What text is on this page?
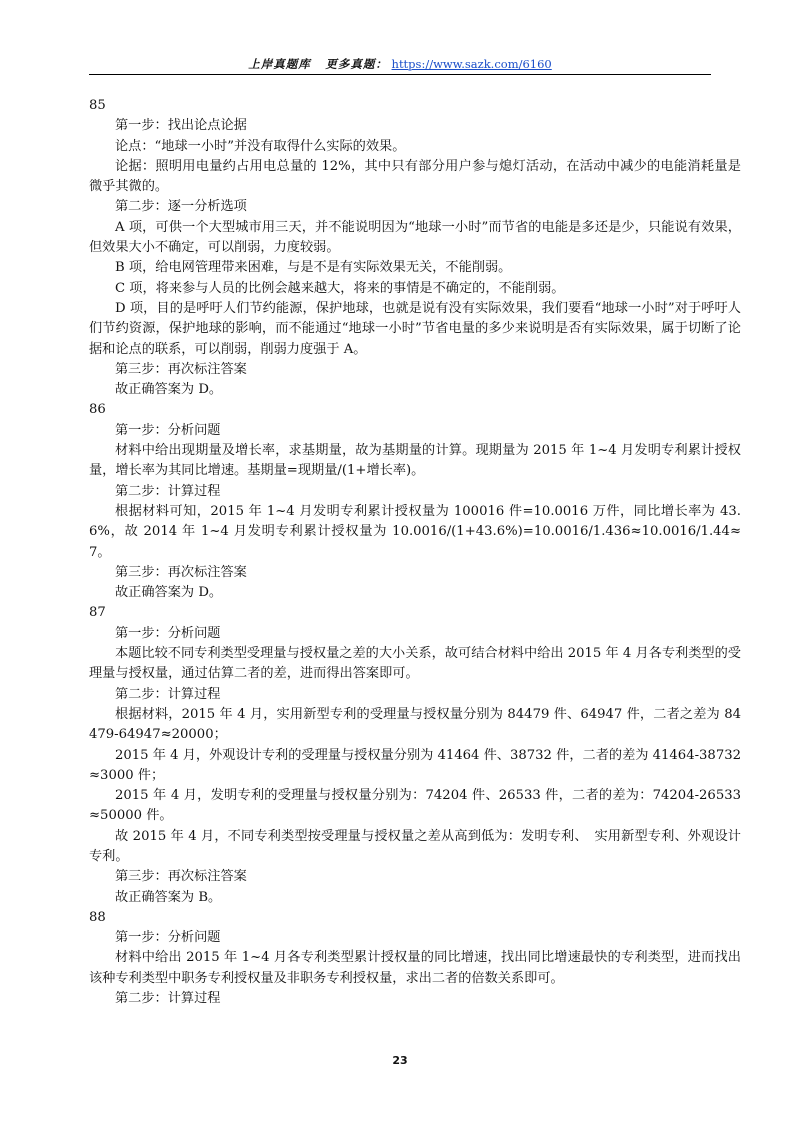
上岸真题库 更多真题： https://www.sazk.com/6160
85
第一步：找出论点论据
论点：“地球一小时”并没有取得什么实际的效果。
论据：照明用电量约占用电总量的 12%，其中只有部分用户参与熄灯活动，在活动中减少的电能消耗量是微乎其微的。
第二步：逐一分析选项
A 项，可供一个大型城市用三天，并不能说明因为“地球一小时”而节省的电能是多还是少，只能说有效果，但效果大小不确定，可以削弱，力度较弱。
B 项，给电网管理带来困难，与是不是有实际效果无关，不能削弱。
C 项，将来参与人员的比例会越来越大，将来的事情是不确定的，不能削弱。
D 项，目的是呼吁人们节约能源，保护地球，也就是说有没有实际效果，我们要看“地球一小时”对于呼吁人们节约资源，保护地球的影响，而不能通过“地球一小时”节省电量的多少来说明是否有实际效果，属于切断了论据和论点的联系，可以削弱，削弱力度强于 A。
第三步：再次标注答案
故正确答案为 D。
86
第一步：分析问题
材料中给出现期量及增长率，求基期量，故为基期量的计算。现期量为 2015 年 1~4 月发明专利累计授权量，增长率为其同比增速。基期量=现期量/(1+增长率)。
第二步：计算过程
根据材料可知，2015 年 1~4 月发明专利累计授权量为 100016 件=10.0016 万件，同比增长率为 43.6%，故 2014 年 1~4 月发明专利累计授权量为 10.0016/(1+43.6%)=10.0016/1.436≈10.0016/1.44≈7。
第三步：再次标注答案
故正确答案为 D。
87
第一步：分析问题
本题比较不同专利类型受理量与授权量之差的大小关系，故可结合材料中给出 2015 年 4 月各专利类型的受理量与授权量，通过估算二者的差，进而得出答案即可。
第二步：计算过程
根据材料，2015 年 4 月，实用新型专利的受理量与授权量分别为 84479 件、64947 件，二者之差为 84479-64947≈20000；
2015 年 4 月，外观设计专利的受理量与授权量分别为 41464 件、38732 件，二者的差为 41464-38732≈3000 件；
2015 年 4 月，发明专利的受理量与授权量分别为：74204 件、26533 件，二者的差为：74204-26533≈50000 件。
故 2015 年 4 月，不同专利类型按受理量与授权量之差从高到低为：发明专利、　实用新型专利、外观设计专利。
第三步：再次标注答案
故正确答案为 B。
88
第一步：分析问题
材料中给出 2015 年 1~4 月各专利类型累计授权量的同比增速，找出同比增速最快的专利类型，进而找出该种专利类型中职务专利授权量及非职务专利授权量，求出二者的倍数关系即可。
第二步：计算过程
23
